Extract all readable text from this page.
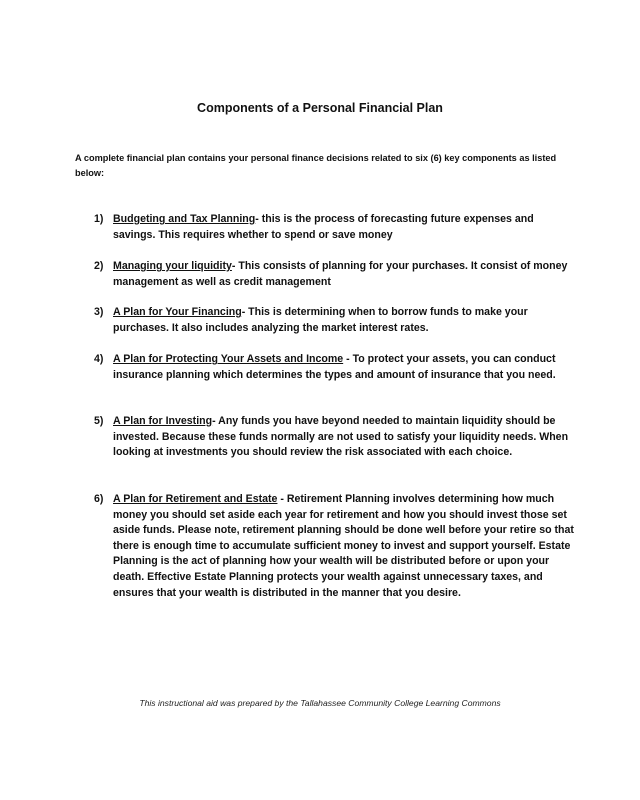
Components of a Personal Financial Plan
A complete financial plan contains your personal finance decisions related to six (6) key components as listed below:
1) Budgeting and Tax Planning- this is the process of forecasting future expenses and savings. This requires whether to spend or save money
2) Managing your liquidity- This consists of planning for your purchases. It consist of money management as well as credit management
3) A Plan for Your Financing- This is determining when to borrow funds to make your purchases. It also includes analyzing the market interest rates.
4) A Plan for Protecting Your Assets and Income - To protect your assets, you can conduct insurance planning which determines the types and amount of insurance that you need.
5) A Plan for Investing- Any funds you have beyond needed to maintain liquidity should be invested. Because these funds normally are not used to satisfy your liquidity needs. When looking at investments you should review the risk associated with each choice.
6) A Plan for Retirement and Estate - Retirement Planning involves determining how much money you should set aside each year for retirement and how you should invest those set aside funds. Please note, retirement planning should be done well before your retire so that there is enough time to accumulate sufficient money to invest and support yourself. Estate Planning is the act of planning how your wealth will be distributed before or upon your death. Effective Estate Planning protects your wealth against unnecessary taxes, and ensures that your wealth is distributed in the manner that you desire.
This instructional aid was prepared by the Tallahassee Community College Learning Commons
